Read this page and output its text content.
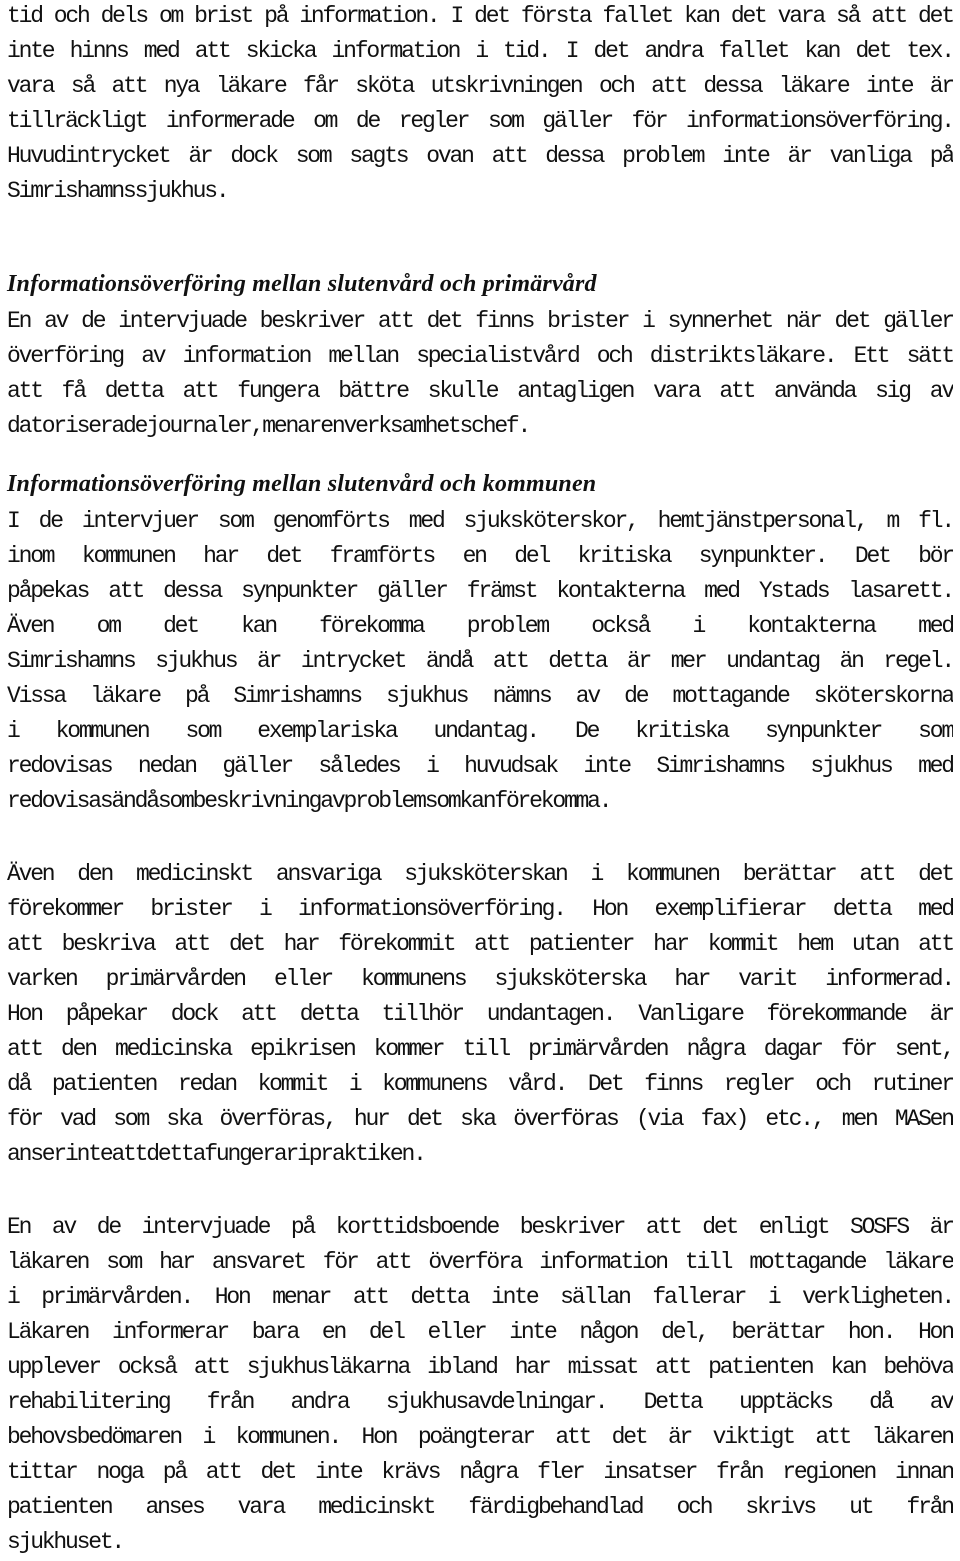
tid och dels om brist på information. I det första fallet kan det vara så att det
inte hinns med att skicka information i tid. I det andra fallet kan det tex.
vara så att nya läkare får sköta utskrivningen och att dessa läkare inte är
tillräckligt informerade om de regler som gäller för informationsöverföring.
Huvudintrycket är dock som sagts ovan att dessa problem inte är vanliga på
Simrishamns sjukhus.
Informationsöverföring mellan slutenvård och primärvård
En av de intervjuade beskriver att det finns brister i synnerhet när det gäller
överföring av information mellan specialistvård och distriktsläkare. Ett sätt
att få detta att fungera bättre skulle antagligen vara att använda sig av
datoriserade journaler, menar en verksamhetschef.
Informationsöverföring mellan slutenvård och kommunen
I de intervjuer som genomförts med sjuksköterskor, hemtjänstpersonal, m fl.
inom kommunen har det framförts en del kritiska synpunkter. Det bör
påpekas att dessa synpunkter gäller främst kontakterna med Ystads lasarett.
Även om det kan förekomma problem också i kontakterna med
Simrishamns sjukhus är intrycket ändå att detta är mer undantag än regel.
Vissa läkare på Simrishamns sjukhus nämns av de mottagande sköterskorna
i kommunen som exemplariska undantag. De kritiska synpunkter som
redovisas nedan gäller således i huvudsak inte Simrishamns sjukhus med
redovisas ändå som beskrivning av problem som kan förekomma.
Även den medicinskt ansvariga sjuksköterskan i kommunen berättar att det
förekommer brister i informationsöverföring. Hon exemplifierar detta med
att beskriva att det har förekommit att patienter har kommit hem utan att
varken primärvården eller kommunens sjuksköterska har varit informerad.
Hon påpekar dock att detta tillhör undantagen. Vanligare förekommande är
att den medicinska epikrisen kommer till primärvården några dagar för sent,
då patienten redan kommit i kommunens vård. Det finns regler och rutiner
för vad som ska överföras, hur det ska överföras (via fax) etc., men MASen
anser inte att detta fungerar i praktiken.
En av de intervjuade på korttidsboende beskriver att det enligt SOSFS är
läkaren som har ansvaret för att överföra information till mottagande läkare
i primärvården. Hon menar att detta inte sällan fallerar i verkligheten.
Läkaren informerar bara en del eller inte någon del, berättar hon. Hon
upplever också att sjukhusläkarna ibland har missat att patienten kan behöva
rehabilitering från andra sjukhusavdelningar. Detta upptäcks då av
behovsbedömaren i kommunen. Hon poängterar att det är viktigt att läkaren
tittar noga på att det inte krävs några fler insatser från regionen innan
patienten anses vara medicinskt färdigbehandlad och skrivs ut från
sjukhuset.
